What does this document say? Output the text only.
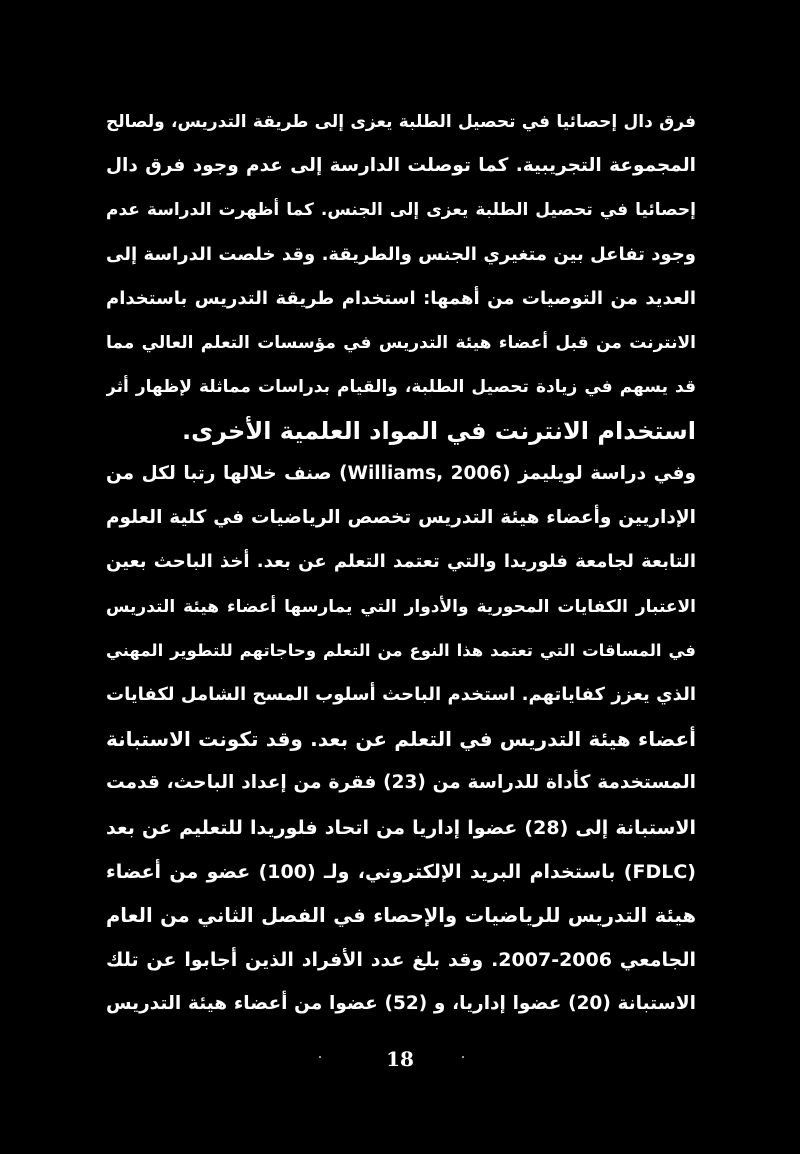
فرق دال إحصائيا في تحصيل الطلبة يعزى إلى طريقة التدريس، ولصالح
المجموعة التجريبية. كما توصلت الدارسة إلى عدم وجود فرق دال
إحصائيا في تحصيل الطلبة يعزى إلى الجنس. كما أظهرت الدراسة عدم
وجود تفاعل بين متغيري الجنس والطريقة. وقد خلصت الدراسة إلى
العديد من التوصيات من أهمها: استخدام طريقة التدريس باستخدام
الانترنت من قبل أعضاء هيئة التدريس في مؤسسات التعلم العالي مما
قد يسهم في زيادة تحصيل الطلبة، والقيام بدراسات مماثلة لإظهار أثر
استخدام الانترنت في المواد العلمية الأخرى.
وفي دراسة لويليمز (Williams, 2006) صنف خلالها رتبا لكل من
الإداريين وأعضاء هيئة التدريس تخصص الرياضيات في كلية العلوم
التابعة لجامعة فلوريدا والتي تعتمد التعلم عن بعد. أخذ الباحث بعين
الاعتبار الكفايات المحورية والأدوار التي يمارسها أعضاء هيئة التدريس
في المساقات التي تعتمد هذا النوع من التعلم وحاجاتهم للتطوير المهني
الذي يعزز كفاياتهم. استخدم الباحث أسلوب المسح الشامل لكفايات
أعضاء هيئة التدريس في التعلم عن بعد. وقد تكونت الاستبانة
المستخدمة كأداة للدراسة من (23) فقرة من إعداد الباحث، قدمت
الاستبانة إلى (28) عضوا إداريا من اتحاد فلوريدا للتعليم عن بعد
(FDLC) باستخدام البريد الإلكتروني، ولـ (100) عضو من أعضاء
هيئة التدريس للرياضيات والإحصاء في الفصل الثاني من العام
الجامعي 2006-2007. وقد بلغ عدد الأفراد الذين أجابوا عن تلك
الاستبانة (20) عضوا إداريا، و (52) عضوا من أعضاء هيئة التدريس
18
